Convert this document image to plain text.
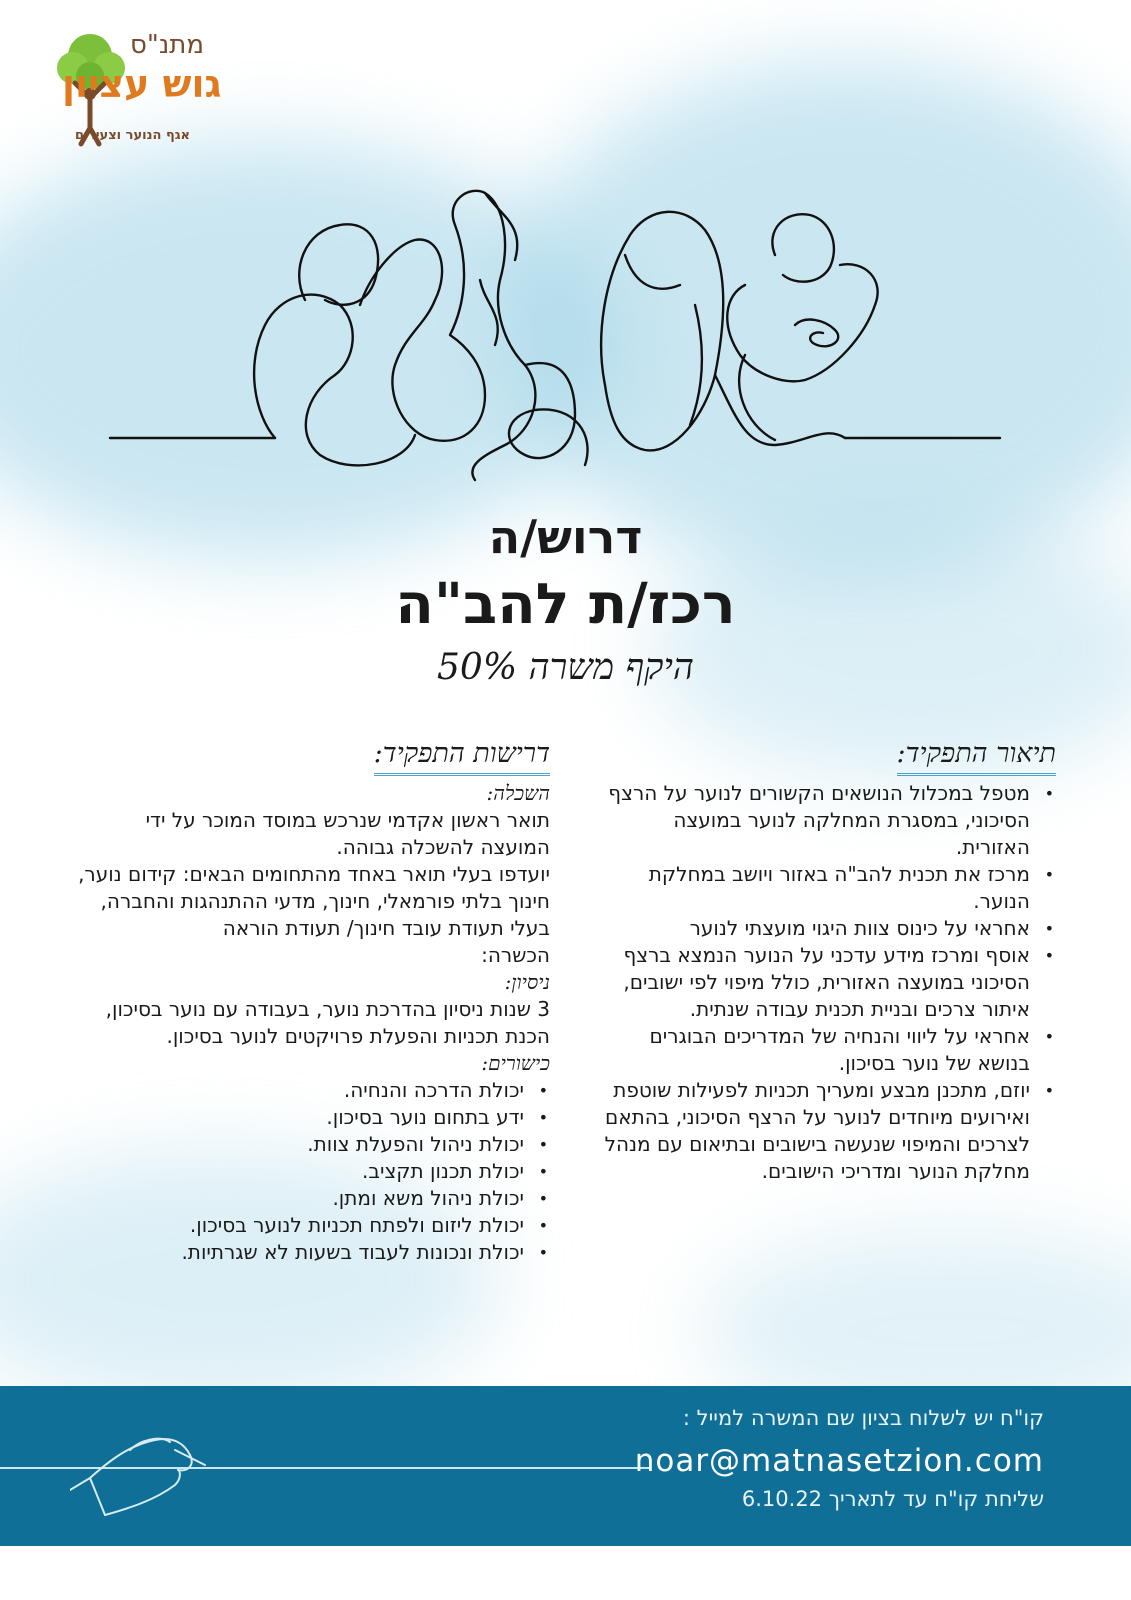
מתנ"ס
גוש עציון
אגף הנוער וצעירים
דרוש/ה
רכז/ת להב"ה
היקף משרה 50%
תיאור התפקיד:
• מטפל במכלול הנושאים הקשורים לנוער על הרצף הסיכוני, במסגרת המחלקה לנוער במועצה האזורית.
• מרכז את תכנית להב"ה באזור ויושב במחלקת הנוער.
• אחראי על כינוס צוות היגוי מועצתי לנוער
• אוסף ומרכז מידע עדכני על הנוער הנמצא ברצף הסיכוני במועצה האזורית, כולל מיפוי לפי ישובים, איתור צרכים ובניית תכנית עבודה שנתית.
• אחראי על ליווי והנחיה של המדריכים הבוגרים בנושא של נוער בסיכון.
• יוזם, מתכנן מבצע ומעריך תכניות לפעילות שוטפת ואירועים מיוחדים לנוער על הרצף הסיכוני, בהתאם לצרכים והמיפוי שנעשה בישובים ובתיאום עם מנהל מחלקת הנוער ומדריכי הישובים.
דרישות התפקיד:

השכלה:

תואר ראשון אקדמי שנרכש במוסד המוכר על ידי המועצה להשכלה גבוהה.

יועדפו בעלי תואר באחד מהתחומים הבאים: קידום נוער, חינוך בלתי פורמאלי, חינוך, מדעי ההתנהגות והחברה, בעלי תעודת עובד חינוך/ תעודת הוראה

הכשרה:

ניסיון:

3 שנות ניסיון בהדרכת נוער, בעבודה עם נוער בסיכון, הכנת תכניות והפעלת פרויקטים לנוער בסיכון.

כישורים:

• יכולת הדרכה והנחיה.
• ידע בתחום נוער בסיכון.
• יכולת ניהול והפעלת צוות.
• יכולת תכנון תקציב.
• יכולת ניהול משא ומתן.
• יכולת ליזום ולפתח תכניות לנוער בסיכון.
• יכולת ונכונות לעבוד בשעות לא שגרתיות.
קו"ח יש לשלוח בציון שם המשרה למייל :
noar@matnasetzion.com
שליחת קו"ח עד לתאריך 6.10.22
